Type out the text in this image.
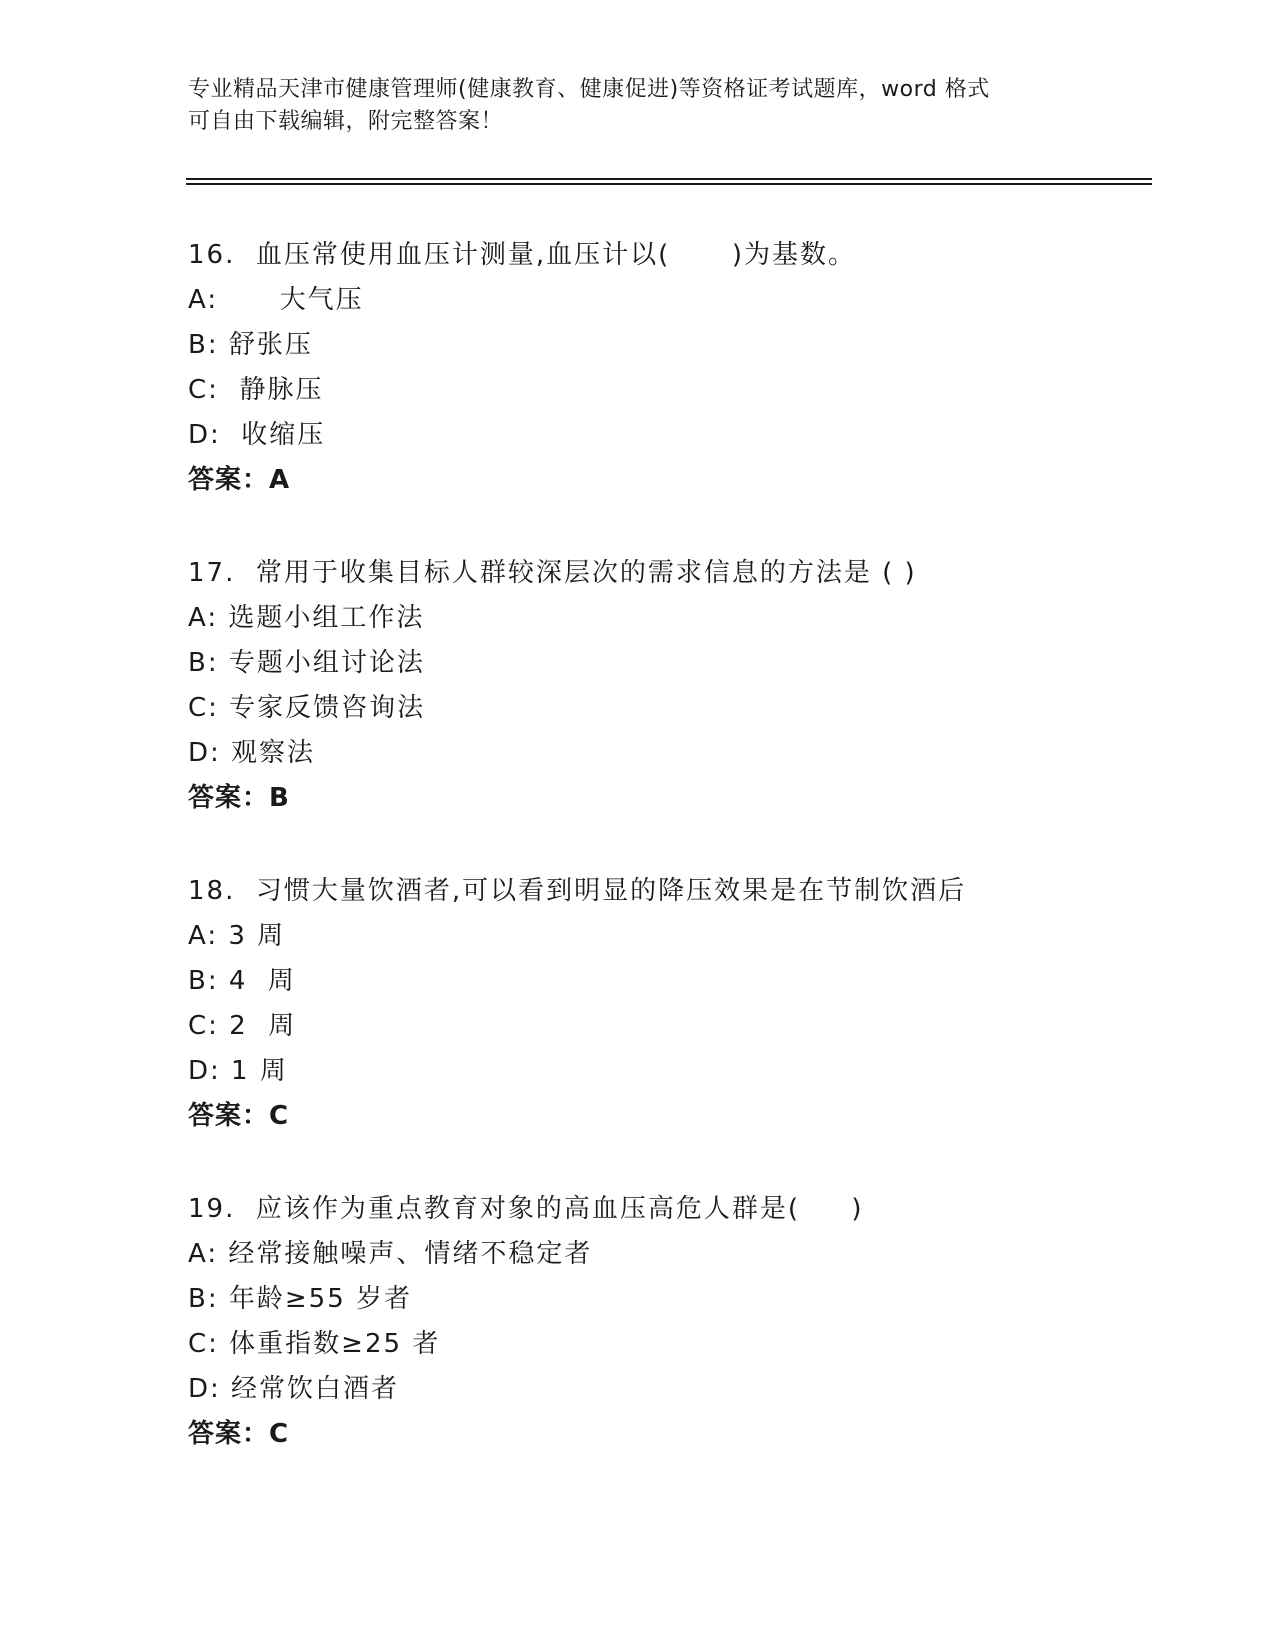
专业精品天津市健康管理师(健康教育、健康促进)等资格证考试题库，word 格式
可自由下载编辑，附完整答案！
16.  血压常使用血压计测量,血压计以(      )为基数。
A:      大气压
B: 舒张压
C:  静脉压
D:  收缩压
答案：A
17.  常用于收集目标人群较深层次的需求信息的方法是 ( )
A: 选题小组工作法
B: 专题小组讨论法
C: 专家反馈咨询法
D: 观察法
答案：B
18.  习惯大量饮酒者,可以看到明显的降压效果是在节制饮酒后
A: 3 周
B: 4  周
C: 2  周
D: 1 周
答案：C
19.  应该作为重点教育对象的高血压高危人群是(     )
A: 经常接触噪声、情绪不稳定者
B: 年龄≥55 岁者
C: 体重指数≥25 者
D: 经常饮白酒者
答案：C
